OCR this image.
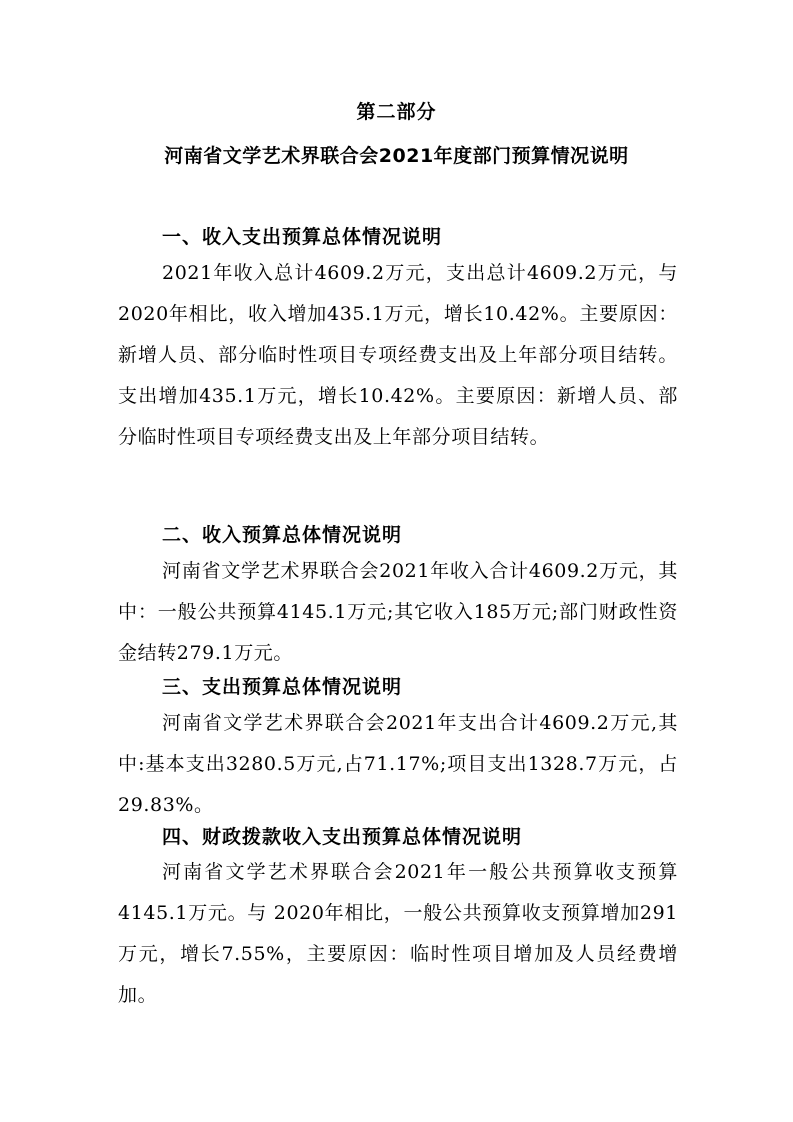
第二部分
河南省文学艺术界联合会2021年度部门预算情况说明
一、收入支出预算总体情况说明

2021年收入总计4609.2万元，支出总计4609.2万元，与2020年相比，收入增加435.1万元，增长10.42%。主要原因：新增人员、部分临时性项目专项经费支出及上年部分项目结转。支出增加435.1万元，增长10.42%。主要原因：新增人员、部分临时性项目专项经费支出及上年部分项目结转。

二、收入预算总体情况说明

河南省文学艺术界联合会2021年收入合计4609.2万元，其中：一般公共预算4145.1万元;其它收入185万元;部门财政性资金结转279.1万元。

三、支出预算总体情况说明

河南省文学艺术界联合会2021年支出合计4609.2万元,其中:基本支出3280.5万元,占71.17%;项目支出1328.7万元，占29.83%。

四、财政拨款收入支出预算总体情况说明

河南省文学艺术界联合会2021年一般公共预算收支预算4145.1万元。与 2020年相比，一般公共预算收支预算增加291万元，增长7.55%，主要原因：临时性项目增加及人员经费增加。
